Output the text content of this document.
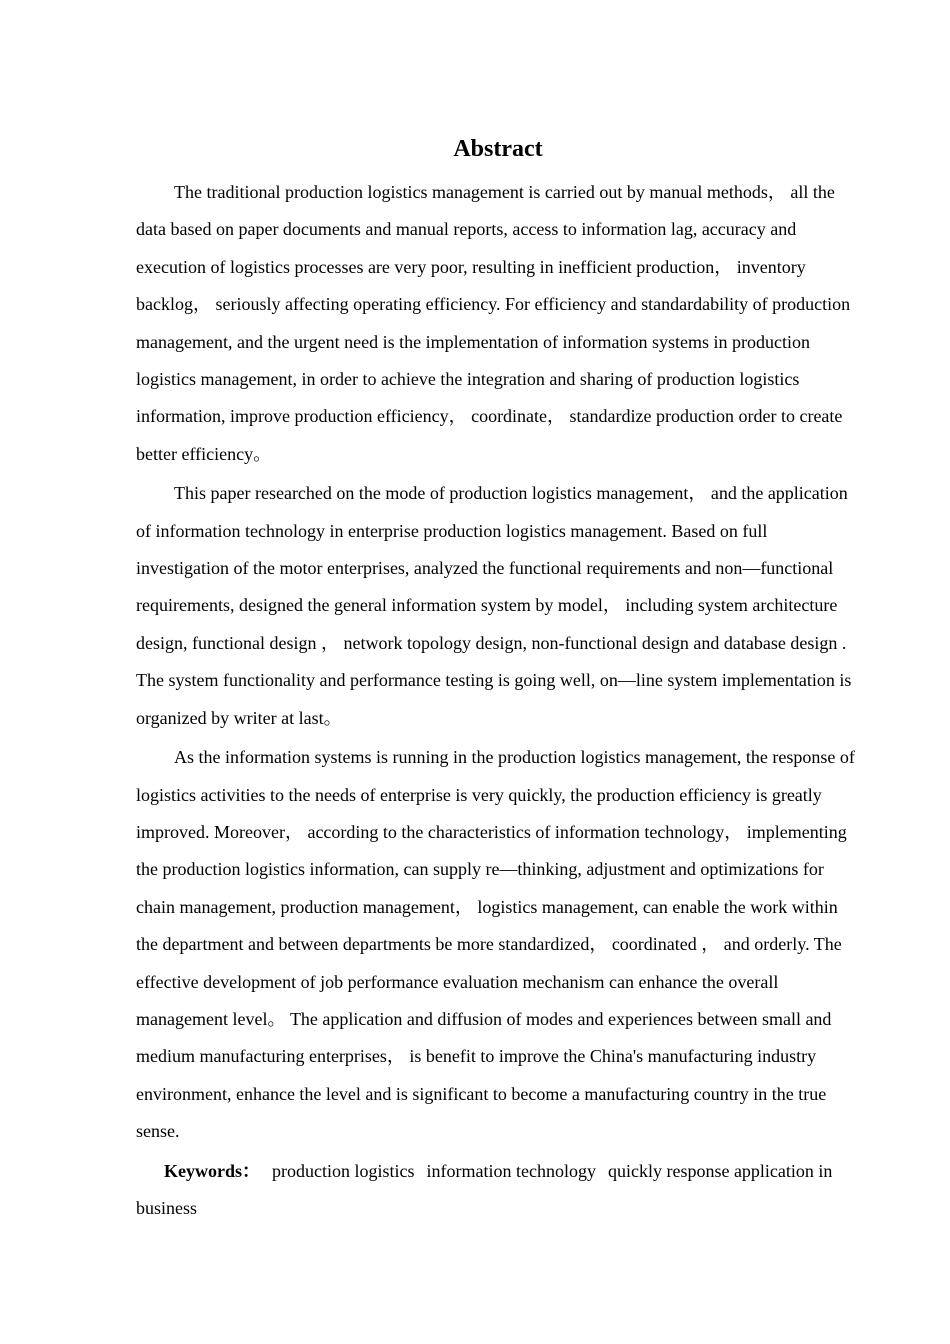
Abstract

The traditional production logistics management is carried out by manual methods， all the data based on paper documents and manual reports, access to information lag, accuracy and execution of logistics processes are very poor, resulting in inefficient production， inventory backlog， seriously affecting operating efficiency. For efficiency and standardability of production management, and the urgent need is the implementation of information systems in production logistics management, in order to achieve the integration and sharing of production logistics information, improve production efficiency， coordinate， standardize production order to create better efficiency。

This paper researched on the mode of production logistics management， and the application of information technology in enterprise production logistics management. Based on full investigation of the motor enterprises, analyzed the functional requirements and non—functional requirements, designed the general information system by model， including system architecture design, functional design ， network topology design, non-functional design and database design . The system functionality and performance testing is going well, on—line system implementation is organized by writer at last。

As the information systems is running in the production logistics management, the response of logistics activities to the needs of enterprise is very quickly, the production efficiency is greatly improved. Moreover， according to the characteristics of information technology， implementing the production logistics information, can supply re—thinking, adjustment and optimizations for chain management, production management， logistics management, can enable the work within the department and between departments be more standardized， coordinated ， and orderly. The effective development of job performance evaluation mechanism can enhance the overall management level。 The application and diffusion of modes and experiences between small and medium manufacturing enterprises， is benefit to improve the China's manufacturing industry environment, enhance the level and is significant to become a manufacturing country in the true sense.

Keywords： production logistics information technology quickly response application in business
